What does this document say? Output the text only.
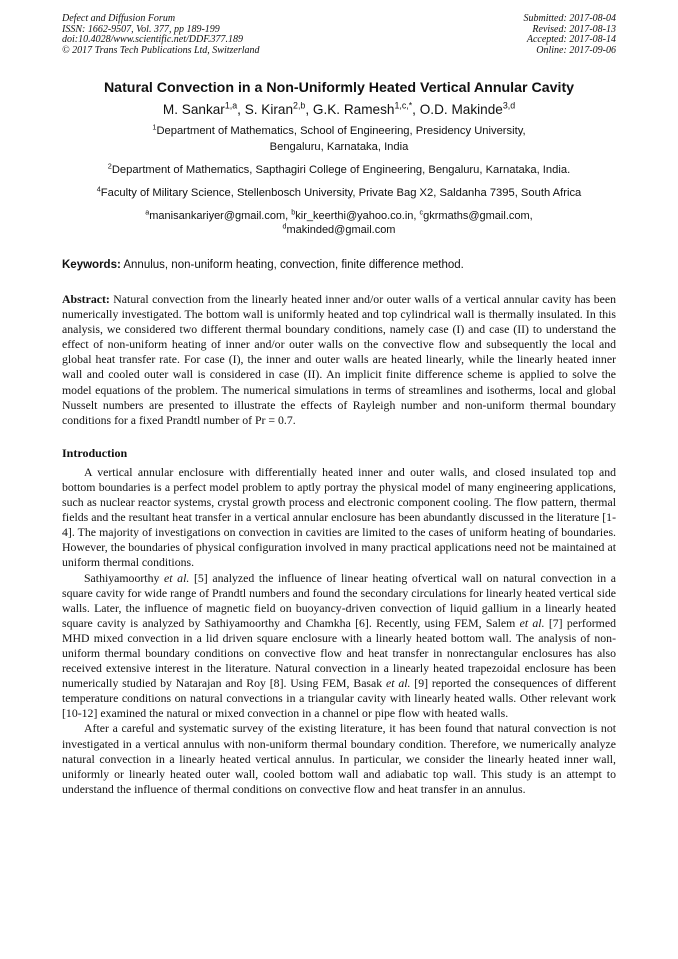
Defect and Diffusion Forum
ISSN: 1662-9507, Vol. 377, pp 189-199
doi:10.4028/www.scientific.net/DDF.377.189
© 2017 Trans Tech Publications Ltd, Switzerland
Submitted: 2017-08-04
Revised: 2017-08-13
Accepted: 2017-08-14
Online: 2017-09-06
Natural Convection in a Non-Uniformly Heated Vertical Annular Cavity
M. Sankar$^{1,a}$, S. Kiran$^{2,b}$, G.K. Ramesh$^{1,c,*}$, O.D. Makinde$^{3,d}$
$^1$Department of Mathematics, School of Engineering, Presidency University,
Bengaluru, Karnataka, India
$^2$Department of Mathematics, Sapthagiri College of Engineering, Bengaluru, Karnataka, India.
$^4$Faculty of Military Science, Stellenbosch University, Private Bag X2, Saldanha 7395, South Africa
$^a$manisankariyer@gmail.com, $^b$kir_keerthi@yahoo.co.in, $^c$gkrmaths@gmail.com,
$^d$makinded@gmail.com
Keywords: Annulus, non-uniform heating, convection, finite difference method.
Abstract: Natural convection from the linearly heated inner and/or outer walls of a vertical annular cavity has been numerically investigated. The bottom wall is uniformly heated and top cylindrical wall is thermally insulated. In this analysis, we considered two different thermal boundary conditions, namely case (I) and case (II) to understand the effect of non-uniform heating of inner and/or outer walls on the convective flow and subsequently the local and global heat transfer rate. For case (I), the inner and outer walls are heated linearly, while the linearly heated inner wall and cooled outer wall is considered in case (II). An implicit finite difference scheme is applied to solve the model equations of the problem. The numerical simulations in terms of streamlines and isotherms, local and global Nusselt numbers are presented to illustrate the effects of Rayleigh number and non-uniform thermal boundary conditions for a fixed Prandtl number of Pr = 0.7.
Introduction

A vertical annular enclosure with differentially heated inner and outer walls, and closed insulated top and bottom boundaries is a perfect model problem to aptly portray the physical model of many engineering applications, such as nuclear reactor systems, crystal growth process and electronic component cooling. The flow pattern, thermal fields and the resultant heat transfer in a vertical annular enclosure has been abundantly discussed in the literature [1-4]. The majority of investigations on convection in cavities are limited to the cases of uniform heating of boundaries. However, the boundaries of physical configuration involved in many practical applications need not be maintained at uniform thermal conditions.

Sathiyamoorthy et al. [5] analyzed the influence of linear heating ofvertical wall on natural convection in a square cavity for wide range of Prandtl numbers and found the secondary circulations for linearly heated vertical side walls. Later, the influence of magnetic field on buoyancy-driven convection of liquid gallium in a linearly heated square cavity is analyzed by Sathiyamoorthy and Chamkha [6]. Recently, using FEM, Salem et al. [7] performed MHD mixed convection in a lid driven square enclosure with a linearly heated bottom wall. The analysis of non-uniform thermal boundary conditions on convective flow and heat transfer in nonrectangular enclosures has also received extensive interest in the literature. Natural convection in a linearly heated trapezoidal enclosure has been numerically studied by Natarajan and Roy [8]. Using FEM, Basak et al. [9] reported the consequences of different temperature conditions on natural convections in a triangular cavity with linearly heated walls. Other relevant work [10-12] examined the natural or mixed convection in a channel or pipe flow with heated walls.

After a careful and systematic survey of the existing literature, it has been found that natural convection is not investigated in a vertical annulus with non-uniform thermal boundary condition. Therefore, we numerically analyze natural convection in a linearly heated vertical annulus. In particular, we consider the linearly heated inner wall, uniformly or linearly heated outer wall, cooled bottom wall and adiabatic top wall. This study is an attempt to understand the influence of thermal conditions on convective flow and heat transfer in an annulus.
